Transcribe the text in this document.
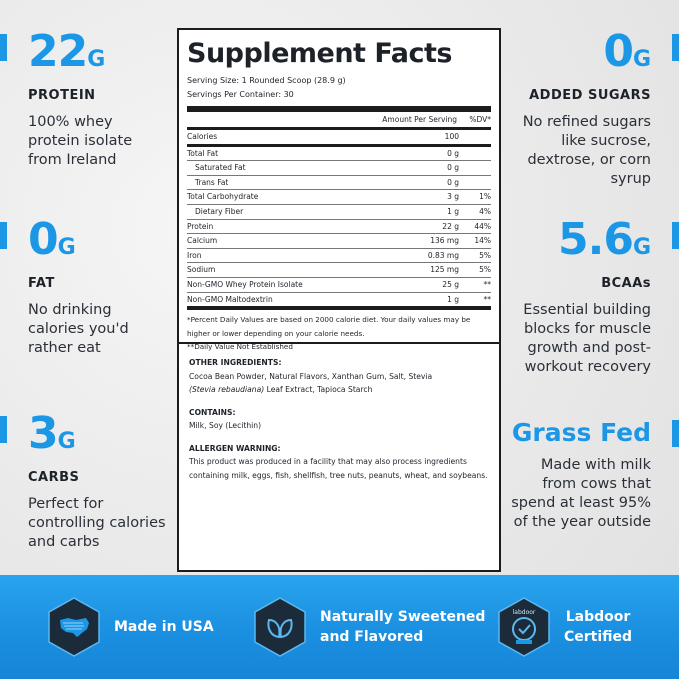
22G
PROTEIN
100% whey
protein isolate
from Ireland
0G
FAT
No drinking
calories you'd
rather eat
3G
CARBS
Perfect for
controlling calories
and carbs
0G
ADDED SUGARS
No refined sugars
like sucrose,
dextrose, or corn
syrup
5.6G
BCAAs
Essential building
blocks for muscle
growth and post-
workout recovery
Grass Fed
Made with milk
from cows that
spend at least 95%
of the year outside
Supplement Facts
Serving Size: 1 Rounded Scoop (28.9 g)
Servings Per Container: 30
Amount Per Serving	%DV*
Calories	100
Total Fat	0 g
Saturated Fat	0 g
Trans Fat	0 g
Total Carbohydrate	3 g	1%
Dietary Fiber	1 g	4%
Protein	22 g	44%
Calcium	136 mg	14%
Iron	0.83 mg	5%
Sodium	125 mg	5%
Non-GMO Whey Protein Isolate	25 g	**
Non-GMO Maltodextrin	1 g	**
*Percent Daily Values are based on 2000 calorie diet. Your daily values may be higher or lower depending on your calorie needs.
**Daily Value Not Established
OTHER INGREDIENTS:
Cocoa Bean Powder, Natural Flavors, Xanthan Gum, Salt, Stevia
(Stevia rebaudiana) Leaf Extract, Tapioca Starch
CONTAINS:
Milk, Soy (Lecithin)
ALLERGEN WARNING:
This product was produced in a facility that may also process ingredients containing milk, eggs, fish, shellfish, tree nuts, peanuts, wheat, and soybeans.
Made in USA
Naturally Sweetened
and Flavored
labdoor	Labdoor
Certified
